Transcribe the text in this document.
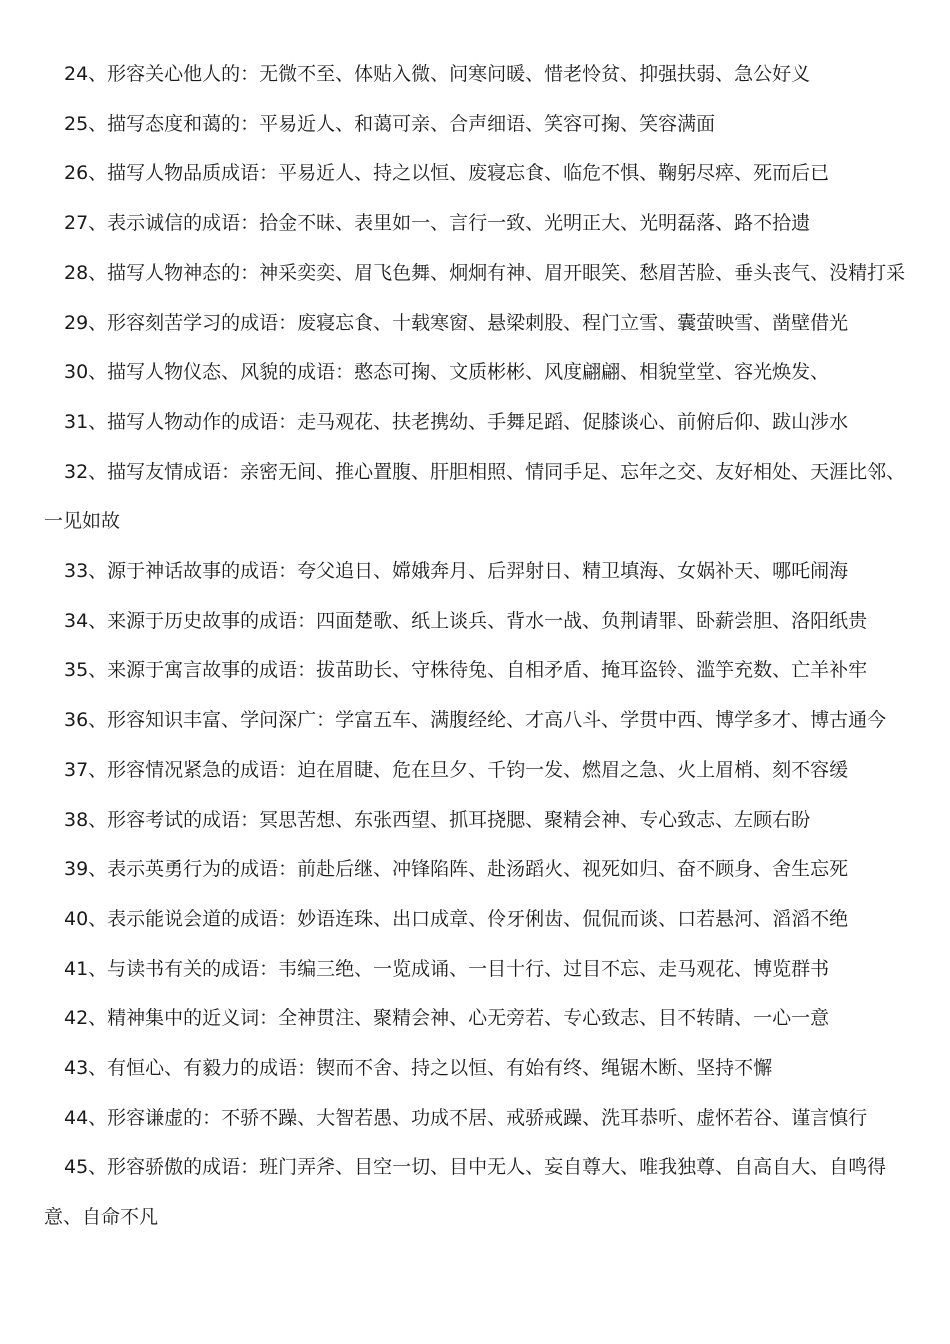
24、形容关心他人的：无微不至、体贴入微、问寒问暖、惜老怜贫、抑强扶弱、急公好义

25、描写态度和蔼的：平易近人、和蔼可亲、合声细语、笑容可掬、笑容满面

26、描写人物品质成语：平易近人、持之以恒、废寝忘食、临危不惧、鞠躬尽瘁、死而后已

27、表示诚信的成语：拾金不昧、表里如一、言行一致、光明正大、光明磊落、路不拾遗

28、描写人物神态的：神采奕奕、眉飞色舞、炯炯有神、眉开眼笑、愁眉苦脸、垂头丧气、没精打采

29、形容刻苦学习的成语：废寝忘食、十载寒窗、悬梁刺股、程门立雪、囊萤映雪、凿壁借光

30、描写人物仪态、风貌的成语：憨态可掬、文质彬彬、风度翩翩、相貌堂堂、容光焕发、

31、描写人物动作的成语：走马观花、扶老携幼、手舞足蹈、促膝谈心、前俯后仰、跋山涉水

32、描写友情成语：亲密无间、推心置腹、肝胆相照、情同手足、忘年之交、友好相处、天涯比邻、一见如故

33、源于神话故事的成语：夸父追日、嫦娥奔月、后羿射日、精卫填海、女娲补天、哪吒闹海

34、来源于历史故事的成语：四面楚歌、纸上谈兵、背水一战、负荆请罪、卧薪尝胆、洛阳纸贵

35、来源于寓言故事的成语：拔苗助长、守株待兔、自相矛盾、掩耳盗铃、滥竽充数、亡羊补牢

36、形容知识丰富、学问深广：学富五车、满腹经纶、才高八斗、学贯中西、博学多才、博古通今

37、形容情况紧急的成语：迫在眉睫、危在旦夕、千钧一发、燃眉之急、火上眉梢、刻不容缓

38、形容考试的成语：冥思苦想、东张西望、抓耳挠腮、聚精会神、专心致志、左顾右盼

39、表示英勇行为的成语：前赴后继、冲锋陷阵、赴汤蹈火、视死如归、奋不顾身、舍生忘死

40、表示能说会道的成语：妙语连珠、出口成章、伶牙俐齿、侃侃而谈、口若悬河、滔滔不绝

41、与读书有关的成语：韦编三绝、一览成诵、一目十行、过目不忘、走马观花、博览群书

42、精神集中的近义词：全神贯注、聚精会神、心无旁若、专心致志、目不转睛、一心一意

43、有恒心、有毅力的成语：锲而不舍、持之以恒、有始有终、绳锯木断、坚持不懈

44、形容谦虚的：不骄不躁、大智若愚、功成不居、戒骄戒躁、洗耳恭听、虚怀若谷、谨言慎行

45、形容骄傲的成语：班门弄斧、目空一切、目中无人、妄自尊大、唯我独尊、自高自大、自鸣得意、自命不凡
